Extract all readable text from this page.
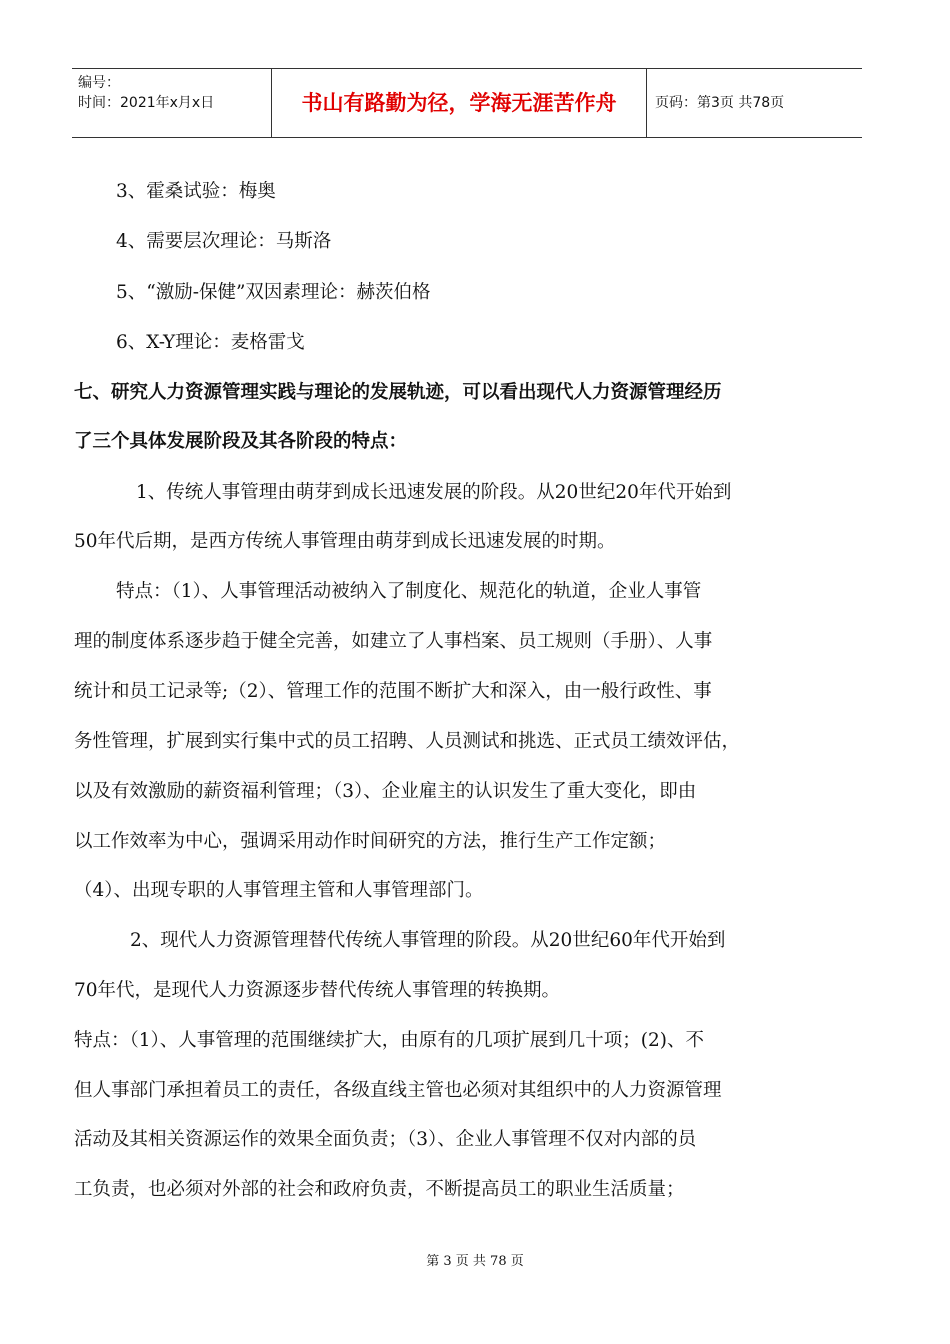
编号：
时间：2021年x月x日	书山有路勤为径，学海无涯苦作舟	页码：第3页 共78页
3、霍桑试验：梅奥
4、需要层次理论：马斯洛
5、“激励-保健”双因素理论：赫茨伯格
6、X-Y理论：麦格雷戈
七、研究人力资源管理实践与理论的发展轨迹，可以看出现代人力资源管理经历
了三个具体发展阶段及其各阶段的特点：
1、传统人事管理由萌芽到成长迅速发展的阶段。从20世纪20年代开始到
50年代后期，是西方传统人事管理由萌芽到成长迅速发展的时期。
特点：（1）、人事管理活动被纳入了制度化、规范化的轨道，企业人事管
理的制度体系逐步趋于健全完善，如建立了人事档案、员工规则（手册）、人事
统计和员工记录等;（2）、管理工作的范围不断扩大和深入，由一般行政性、事
务性管理，扩展到实行集中式的员工招聘、人员测试和挑选、正式员工绩效评估，
以及有效激励的薪资福利管理；（3）、企业雇主的认识发生了重大变化，即由
以工作效率为中心，强调采用动作时间研究的方法，推行生产工作定额；
（4）、出现专职的人事管理主管和人事管理部门。
2、现代人力资源管理替代传统人事管理的阶段。从20世纪60年代开始到
70年代，是现代人力资源逐步替代传统人事管理的转换期。
特点：（1）、人事管理的范围继续扩大，由原有的几项扩展到几十项；(2)、不
但人事部门承担着员工的责任，各级直线主管也必须对其组织中的人力资源管理
活动及其相关资源运作的效果全面负责；（3）、企业人事管理不仅对内部的员
工负责，也必须对外部的社会和政府负责，不断提高员工的职业生活质量；
第 3 页 共 78 页
